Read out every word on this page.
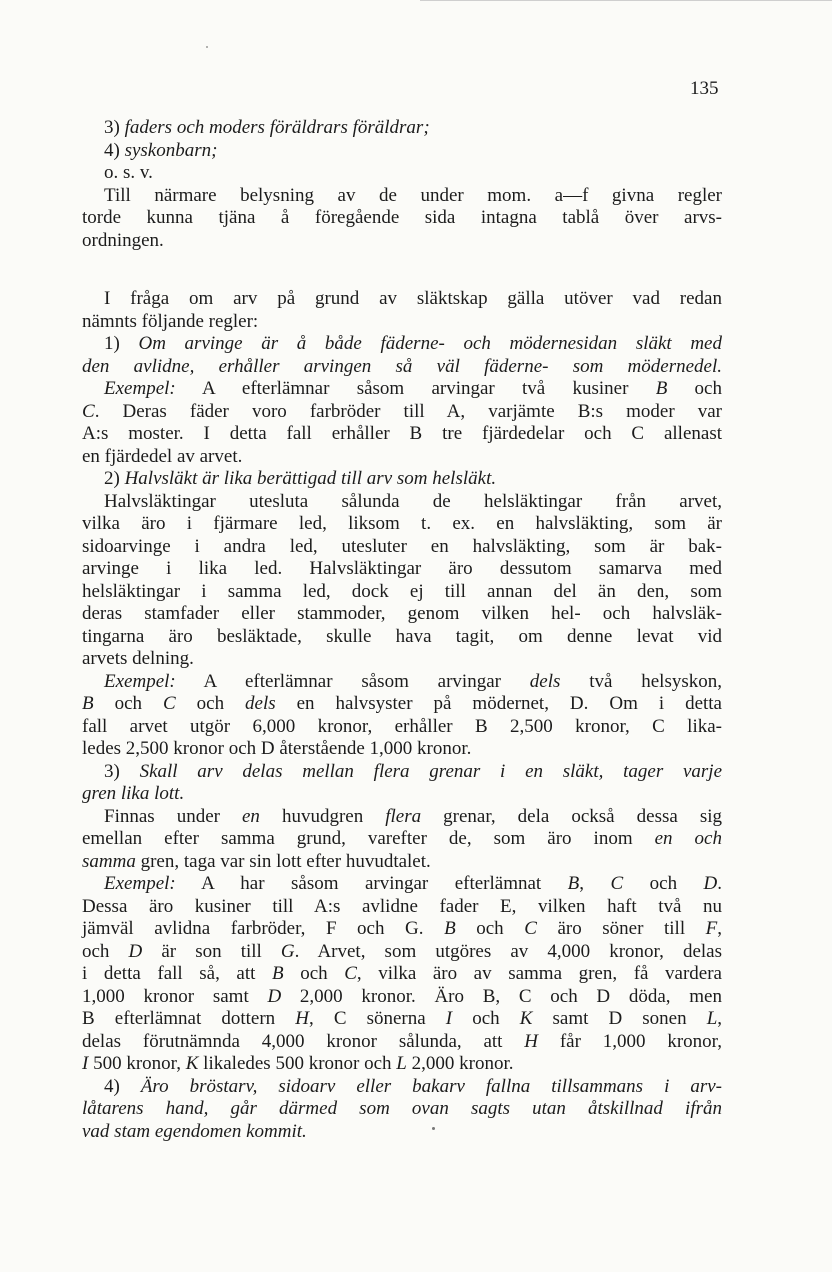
135
3) faders och moders föräldrars föräldrar;
4) syskonbarn;
o. s. v.
Till närmare belysning av de under mom. a—f givna regler
torde kunna tjäna å föregående sida intagna tablå över arvs-
ordningen.
I fråga om arv på grund av släktskap gälla utöver vad redan
nämnts följande regler:
1) Om arvinge är å både fäderne- och mödernesidan släkt med
den avlidne, erhåller arvingen så väl fäderne- som mödernedel.
Exempel: A efterlämnar såsom arvingar två kusiner B och
C. Deras fäder voro farbröder till A, varjämte B:s moder var
A:s moster. I detta fall erhåller B tre fjärdedelar och C allenast
en fjärdedel av arvet.
2) Halvsläkt är lika berättigad till arv som helsläkt.
Halvsläktingar utesluta sålunda de helsläktingar från arvet,
vilka äro i fjärmare led, liksom t. ex. en halvsläkting, som är
sidoarvinge i andra led, utesluter en halvsläkting, som är bak-
arvinge i lika led. Halvsläktingar äro dessutom samarva med
helsläktingar i samma led, dock ej till annan del än den, som
deras stamfader eller stammoder, genom vilken hel- och halvsläk-
tingarna äro besläktade, skulle hava tagit, om denne levat vid
arvets delning.
Exempel: A efterlämnar såsom arvingar dels två helsyskon,
B och C och dels en halvsyster på mödernet, D. Om i detta
fall arvet utgör 6,000 kronor, erhåller B 2,500 kronor, C lika-
ledes 2,500 kronor och D återstående 1,000 kronor.
3) Skall arv delas mellan flera grenar i en släkt, tager varje
gren lika lott.
Finnas under en huvudgren flera grenar, dela också dessa sig
emellan efter samma grund, varefter de, som äro inom en och
samma gren, taga var sin lott efter huvudtalet.
Exempel: A har såsom arvingar efterlämnat B, C och D.
Dessa äro kusiner till A:s avlidne fader E, vilken haft två nu
jämväl avlidna farbröder, F och G. B och C äro söner till F,
och D är son till G. Arvet, som utgöres av 4,000 kronor, delas
i detta fall så, att B och C, vilka äro av samma gren, få vardera
1,000 kronor samt D 2,000 kronor. Äro B, C och D döda, men
B efterlämnat dottern H, C sönerna I och K samt D sonen L,
delas förutnämnda 4,000 kronor sålunda, att H får 1,000 kronor,
I 500 kronor, K likaledes 500 kronor och L 2,000 kronor.
4) Äro bröstarv, sidoarv eller bakarv fallna tillsammans i arv-
låtarens hand, går därmed som ovan sagts utan åtskillnad ifrån
vad stam egendomen kommit.
